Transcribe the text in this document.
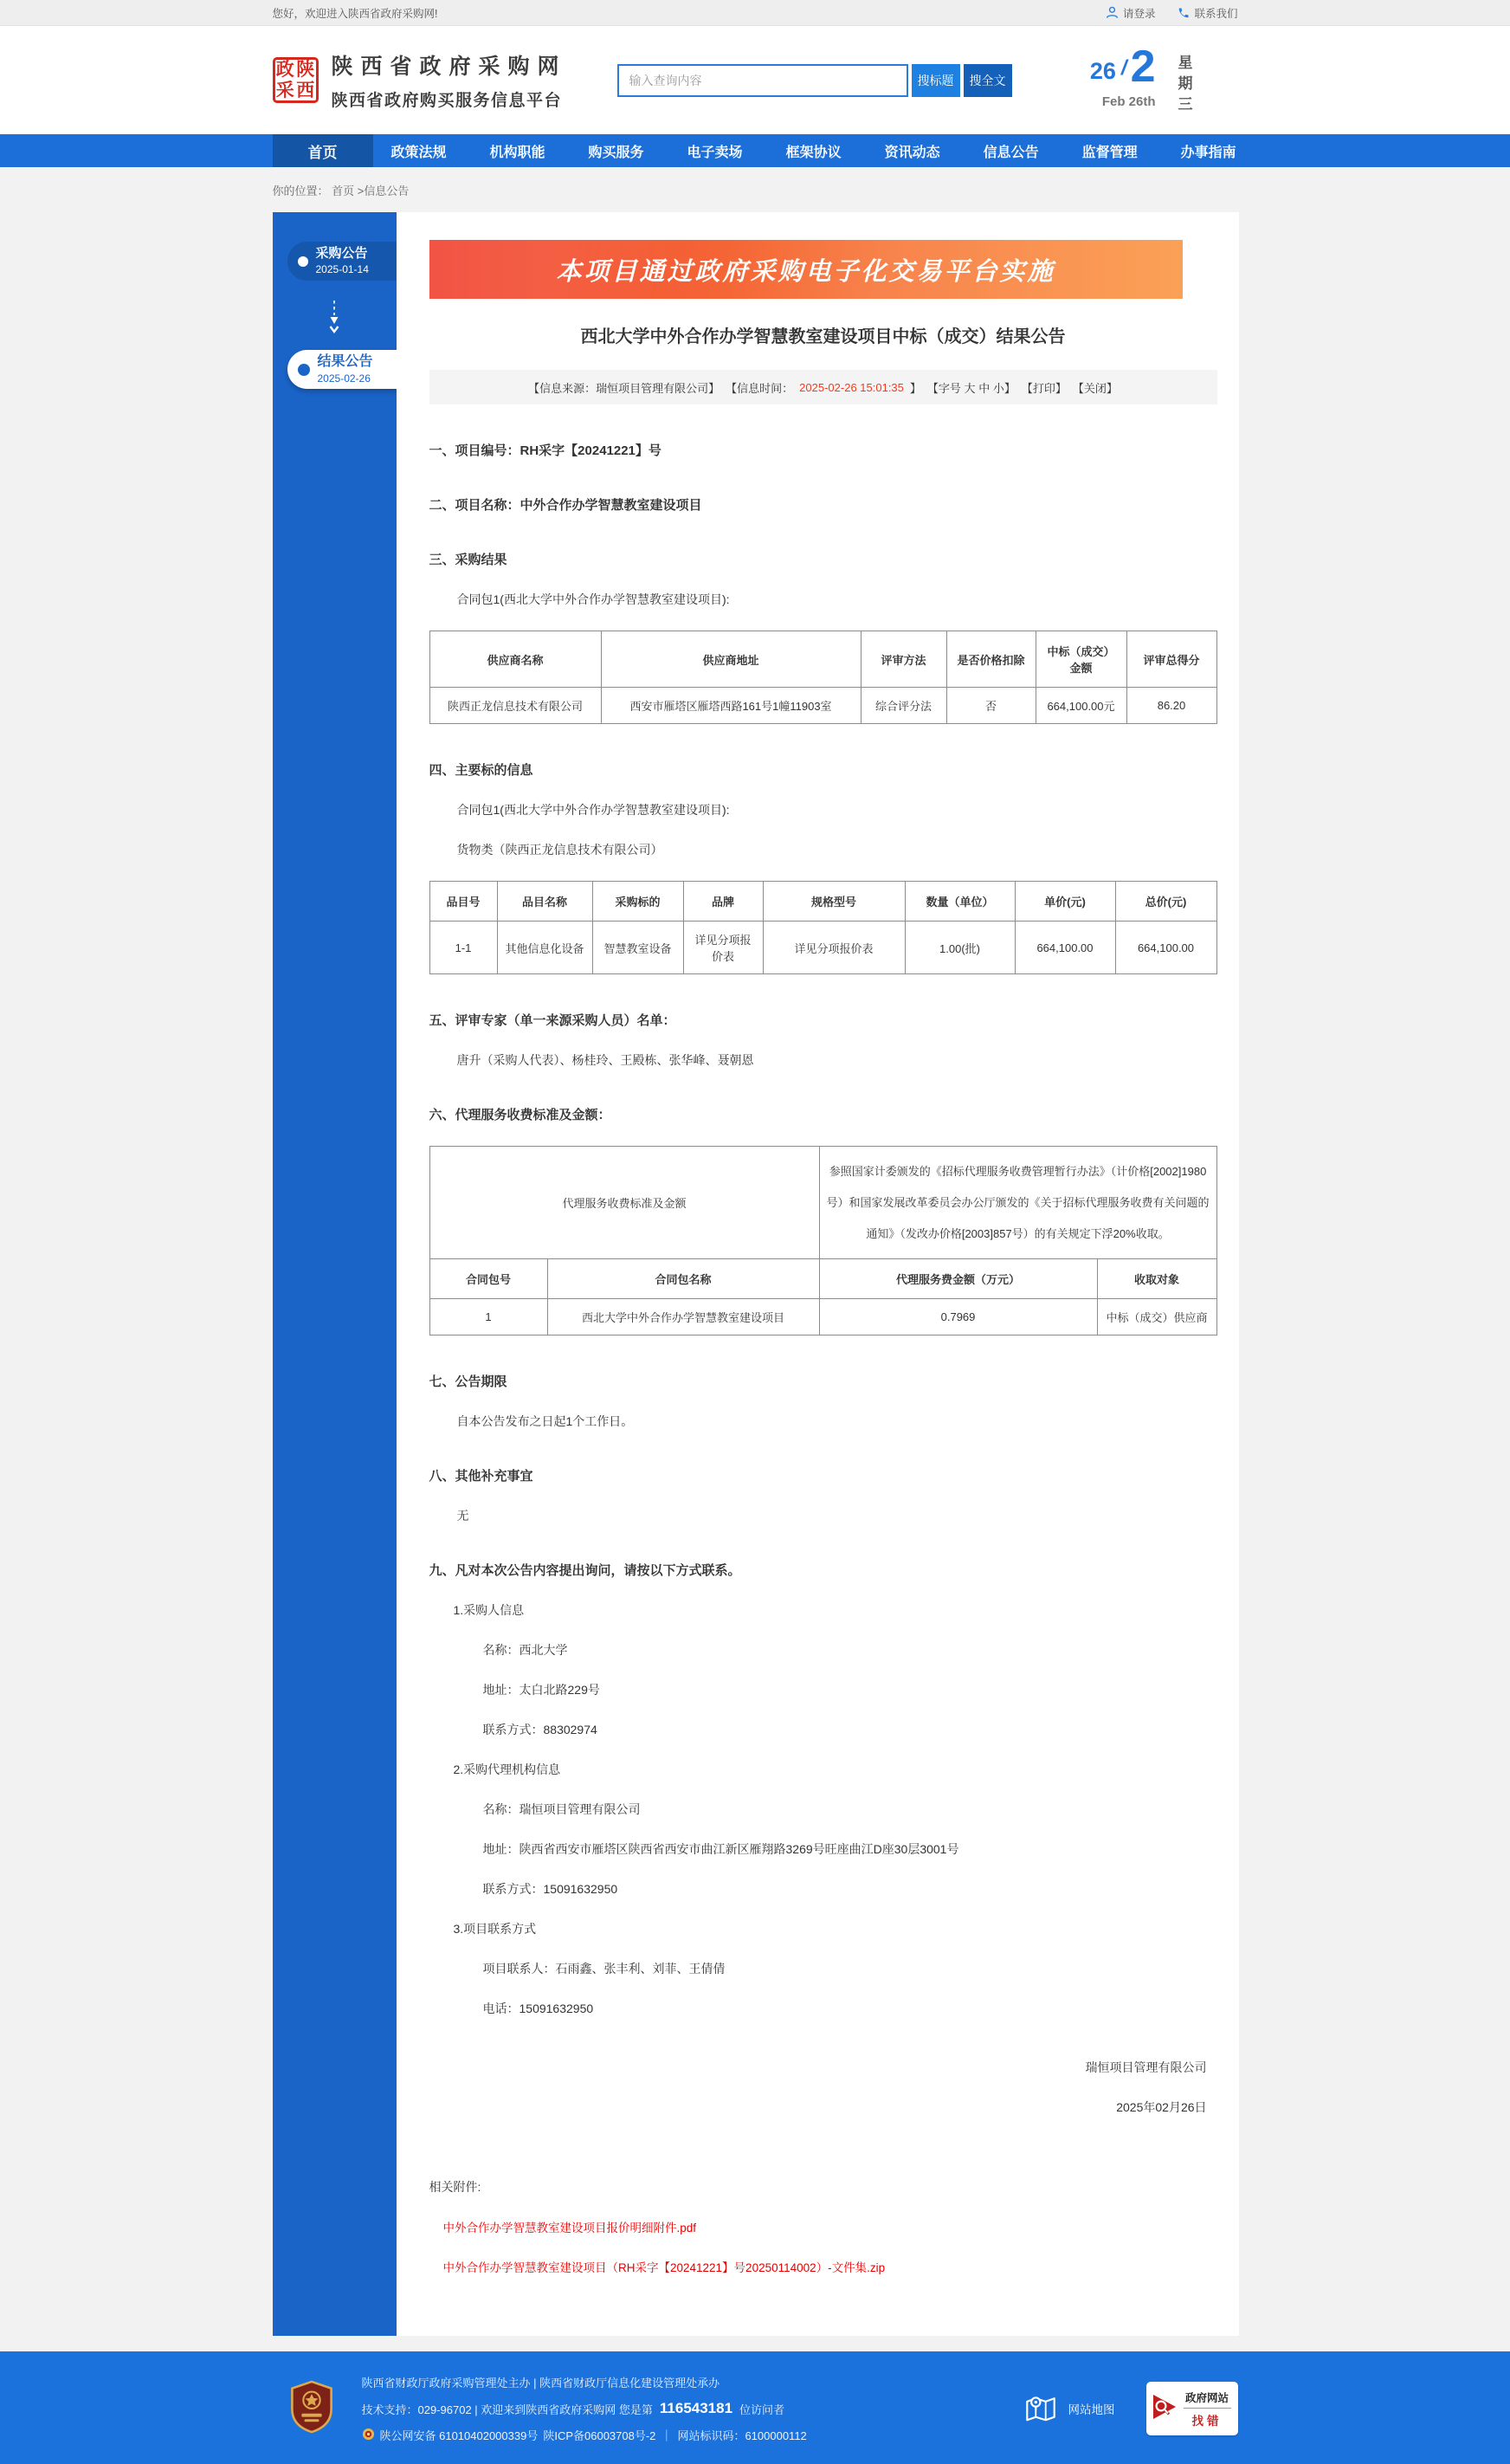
您好，欢迎进入陕西省政府采购网!	请登录	联系我们
政 陕
采 西
陕西省政府采购网
陕西省政府购买服务信息平台
输入查询内容
搜标题	搜全文	26 / 2
Feb 26th 星期三
首页	政策法规	机构职能	购买服务	电子卖场	框架协议	资讯动态	信息公告	监督管理	办事指南
你的位置： 首页 >信息公告
采购公告
2025-01-14
结果公告
2025-02-26
本项目通过政府采购电子化交易平台实施
西北大学中外合作办学智慧教室建设项目中标（成交）结果公告
【信息来源：瑞恒项目管理有限公司】 【信息时间： 2025-02-26 15:01:35 】 【字号 大 中 小】 【打印】 【关闭】
一、项目编号：RH采字【20241221】号
二、项目名称：中外合作办学智慧教室建设项目
三、采购结果
合同包1(西北大学中外合作办学智慧教室建设项目):
供应商名称	供应商地址	评审方法	是否价格扣除	中标（成交）金额	评审总得分
陕西正龙信息技术有限公司	西安市雁塔区雁塔西路161号1幢11903室	综合评分法	否	664,100.00元	86.20
四、主要标的信息
合同包1(西北大学中外合作办学智慧教室建设项目):
货物类（陕西正龙信息技术有限公司）
品目号	品目名称	采购标的	品牌	规格型号	数量（单位）	单价(元)	总价(元)
1-1	其他信息化设备	智慧教室设备	详见分项报价表	详见分项报价表	1.00(批)	664,100.00	664,100.00
五、评审专家（单一来源采购人员）名单：
唐升（采购人代表）、杨桂玲、王殿栋、张华峰、聂朝恩
六、代理服务收费标准及金额：
代理服务收费标准及金额		参照国家计委颁发的《招标代理服务收费管理暂行办法》（计价格[2002]1980号）和国家发展改革委员会办公厅颁发的《关于招标代理服务收费有关问题的通知》（发改办价格[2003]857号）的有关规定下浮20%收取。	
合同包号	合同包名称	代理服务费金额（万元）	收取对象
1	西北大学中外合作办学智慧教室建设项目	0.7969	中标（成交）供应商
七、公告期限
自本公告发布之日起1个工作日。
八、其他补充事宜
无
九、凡对本次公告内容提出询问，请按以下方式联系。
1.采购人信息
名称：西北大学
地址：太白北路229号
联系方式：88302974
2.采购代理机构信息
名称：瑞恒项目管理有限公司
地址：陕西省西安市雁塔区陕西省西安市曲江新区雁翔路3269号旺座曲江D座30层3001号
联系方式：15091632950
3.项目联系方式
项目联系人：石雨鑫、张丰利、刘菲、王倩倩
电话：15091632950
瑞恒项目管理有限公司
2025年02月26日
相关附件:
中外合作办学智慧教室建设项目报价明细附件.pdf
中外合作办学智慧教室建设项目（RH采字【20241221】号20250114002）-文件集.zip
陕西省财政厅政府采购管理处主办 | 陕西省财政厅信息化建设管理处承办
技术支持：029-96702 | 欢迎来到陕西省政府采购网 您是第 116543181 位访问者
陕公网安备 61010402000339号 陕ICP备06003708号-2 ｜ 网站标识码：6100000112
网站地图
政府网站
找错
